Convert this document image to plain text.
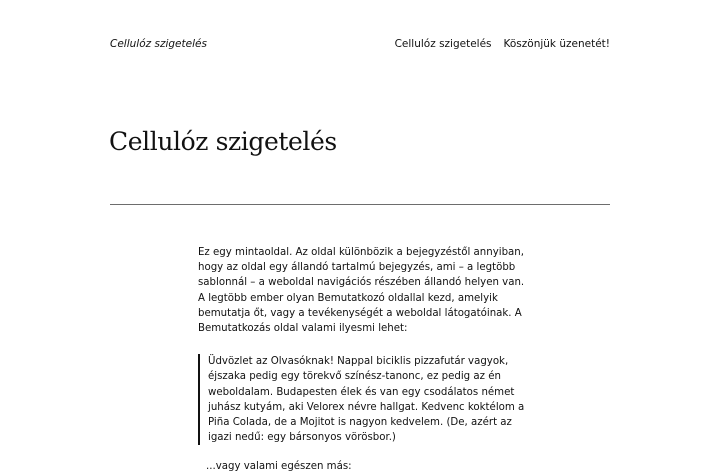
Cellulóz szigetelés	Cellulóz szigetelés Köszönjük üzenetét!
Cellulóz szigetelés

Ez egy mintaoldal. Az oldal különbözik a bejegyzéstől annyiban, hogy az oldal egy állandó tartalmú bejegyzés, ami – a legtöbb sablonnál – a weboldal navigációs részében állandó helyen van. A legtöbb ember olyan Bemutatkozó oldallal kezd, amelyik bemutatja őt, vagy a tevékenységét a weboldal látogatóinak. A Bemutatkozás oldal valami ilyesmi lehet:

Üdvözlet az Olvasóknak! Nappal biciklis pizzafutár vagyok, éjszaka pedig egy törekvő színész-tanonc, ez pedig az én weboldalam. Budapesten élek és van egy csodálatos német juhász kutyám, aki Velorex névre hallgat. Kedvenc koktélom a Piña Colada, de a Mojitot is nagyon kedvelem. (De, azért az igazi nedű: egy bársonyos vörösbor.)

...vagy valami egészen más:
